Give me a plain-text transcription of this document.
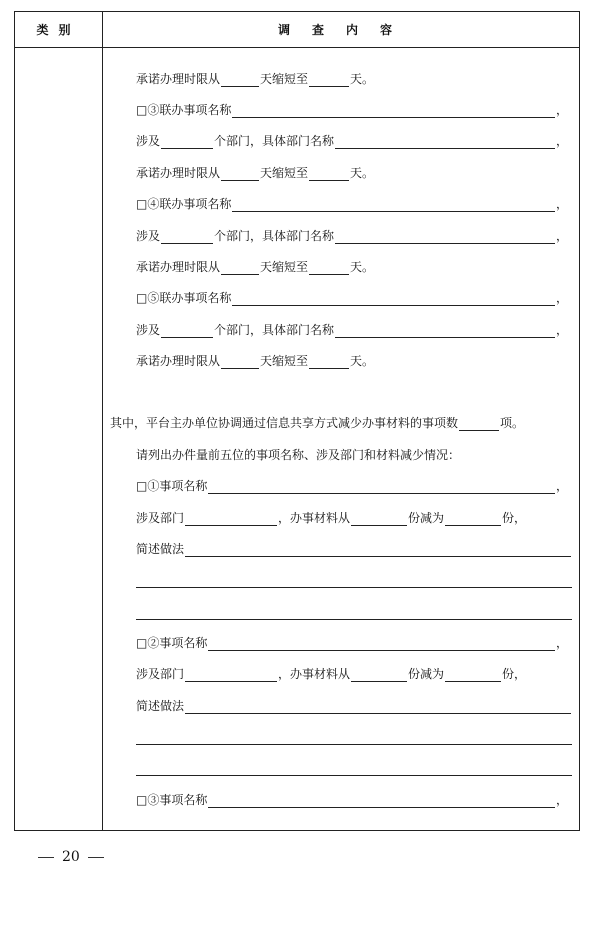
类别	调查内容
承诺办理时限从	天缩短至	天。
□③联办事项名称	，
涉及	个部门，具体部门名称	，
承诺办理时限从	天缩短至	天。
□④联办事项名称	，
涉及	个部门，具体部门名称	，
承诺办理时限从	天缩短至	天。
□⑤联办事项名称	，
涉及	个部门，具体部门名称	，
承诺办理时限从	天缩短至	天。
其中，平台主办单位协调通过信息共享方式减少办事材料的事项数	项。
请列出办件量前五位的事项名称、涉及部门和材料减少情况：
□①事项名称	，
涉及部门	，办事材料从	份减为	份，
简述做法
□②事项名称	，
涉及部门	，办事材料从	份减为	份，
简述做法
□③事项名称	，
20
